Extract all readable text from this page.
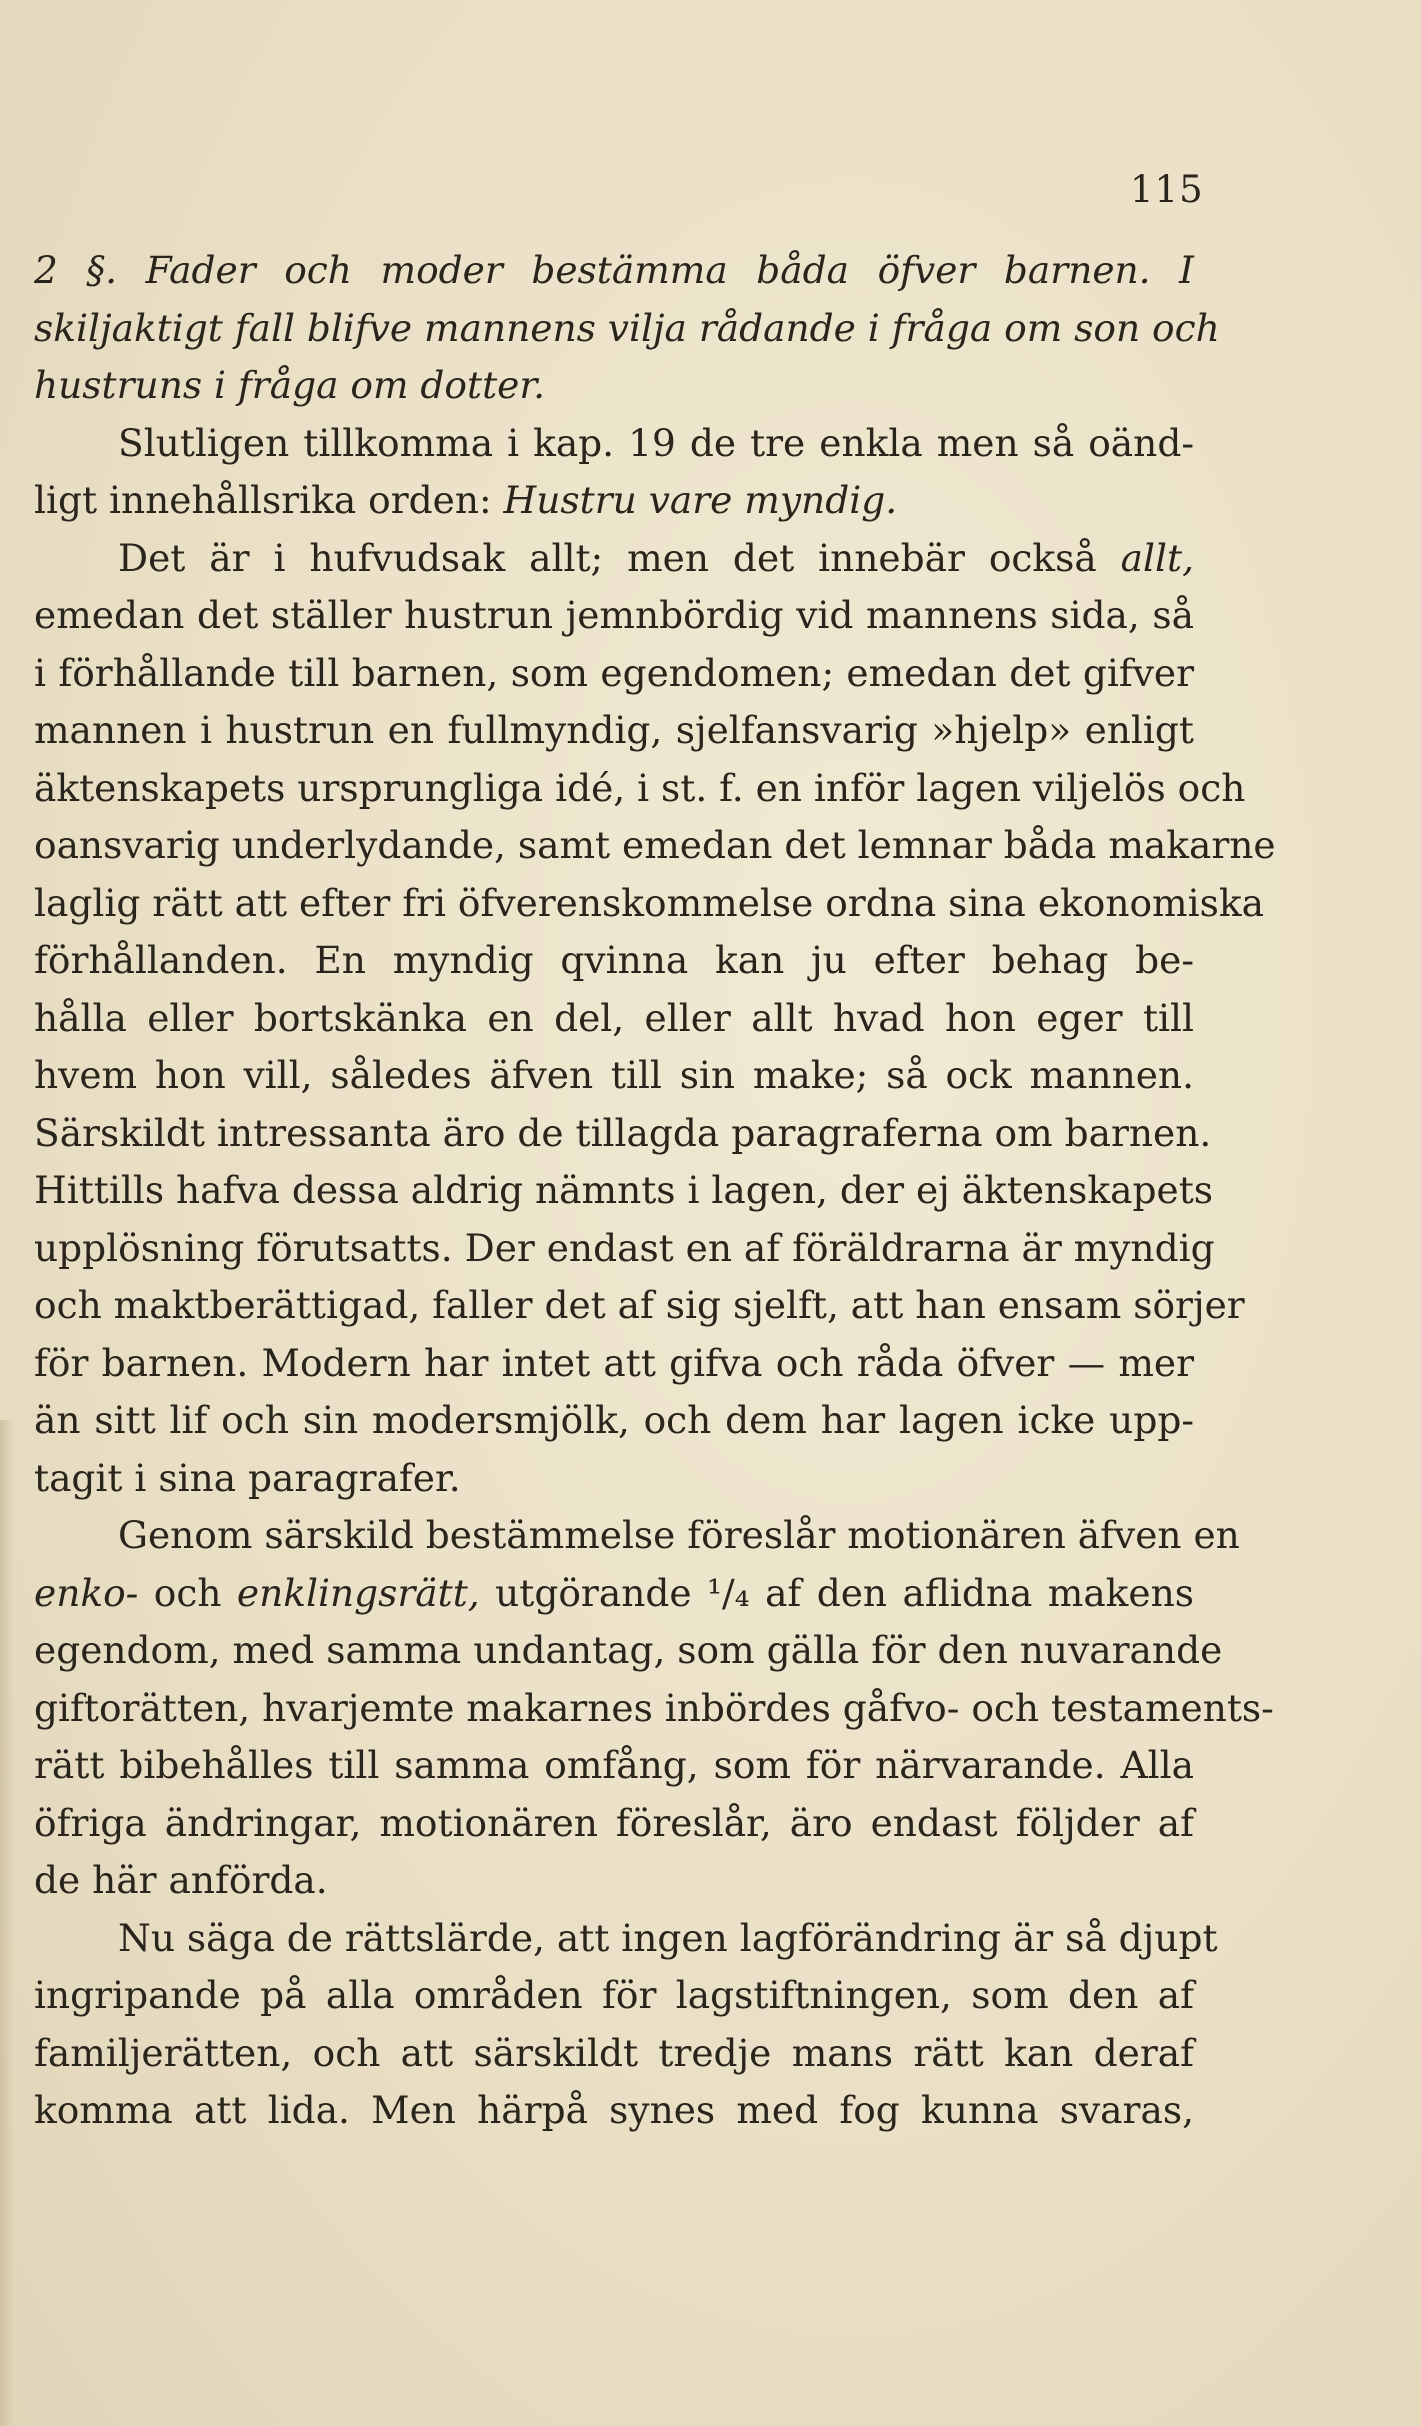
115
2 §. Fader och moder bestämma båda öfver barnen. I
skiljaktigt fall blifve mannens vilja rådande i fråga om son och
hustruns i fråga om dotter.
Slutligen tillkomma i kap. 19 de tre enkla men så oänd-
ligt innehållsrika orden: Hustru vare myndig.
Det är i hufvudsak allt; men det innebär också allt,
emedan det ställer hustrun jemnbördig vid mannens sida, så
i förhållande till barnen, som egendomen; emedan det gifver
mannen i hustrun en fullmyndig, sjelfansvarig »hjelp» enligt
äktenskapets ursprungliga idé, i st. f. en inför lagen viljelös och
oansvarig underlydande, samt emedan det lemnar båda makarne
laglig rätt att efter fri öfverenskommelse ordna sina ekonomiska
förhållanden. En myndig qvinna kan ju efter behag be-
hålla eller bortskänka en del, eller allt hvad hon eger till
hvem hon vill, således äfven till sin make; så ock mannen.
Särskildt intressanta äro de tillagda paragraferna om barnen.
Hittills hafva dessa aldrig nämnts i lagen, der ej äktenskapets
upplösning förutsatts. Der endast en af föräldrarna är myndig
och maktberättigad, faller det af sig sjelft, att han ensam sörjer
för barnen. Modern har intet att gifva och råda öfver — mer
än sitt lif och sin modersmjölk, och dem har lagen icke upp-
tagit i sina paragrafer.
Genom särskild bestämmelse föreslår motionären äfven en
enko- och enklingsrätt, utgörande ¹/₄ af den aflidna makens
egendom, med samma undantag, som gälla för den nuvarande
giftorätten, hvarjemte makarnes inbördes gåfvo- och testaments-
rätt bibehålles till samma omfång, som för närvarande. Alla
öfriga ändringar, motionären föreslår, äro endast följder af
de här anförda.
Nu säga de rättslärde, att ingen lagförändring är så djupt
ingripande på alla områden för lagstiftningen, som den af
familjerätten, och att särskildt tredje mans rätt kan deraf
komma att lida. Men härpå synes med fog kunna svaras,
